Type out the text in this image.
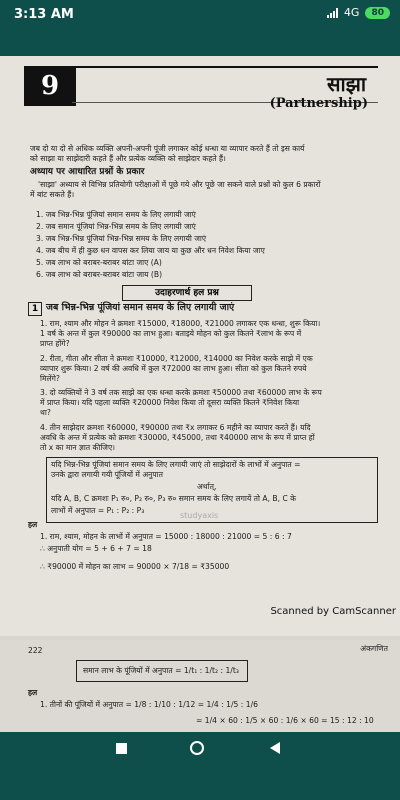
3:13 AM	4G	80
9	साझा
(Partnership)
जब दो या दो से अधिक व्यक्ति अपनी-अपनी पूंजी लगाकर कोई धन्धा या व्यापार करते हैं तो इस कार्य
को साझा या साझेदारी कहते हैं और प्रत्येक व्यक्ति को साझेदार कहते हैं।
अध्याय पर आधारित प्रश्नों के प्रकार
'साझा' अध्याय से विभिन्न प्रतियोगी परीक्षाओं में पूछे गये और पूछे जा सकने वाले प्रश्नों को कुल 6 प्रकारों
में बांट सकते हैं।
1. जब भिन्न-भिन्न पूंजियां समान समय के लिए लगायी जाएं
2. जब समान पूंजियां भिन्न-भिन्न समय के लिए लगायी जाएं
3. जब भिन्न-भिन्न पूंजियां भिन्न-भिन्न समय के लिए लगायी जाएं
4. जब बीच में ही कुछ धन वापस कर लिया जाय या कुछ और धन निवेश किया जाए
5. जब लाभ को बराबर-बराबर बांटा जाए (A)
6. जब लाभ को बराबर-बराबर बांटा जाय (B)
उदाहरणार्थ हल प्रश्न
1 जब भिन्न-भिन्न पूंजियां समान समय के लिए लगायी जाएं
1. राम, श्याम और मोहन ने क्रमशः ₹15000, ₹18000, ₹21000 लगाकर एक धन्धा, शुरू किया।
1 वर्ष के अन्त में कुल ₹90000 का लाभ हुआ। बताइये मोहन को कुल कितने ₹लाभ के रूप में
प्राप्त होंगे?
2. रीता, गीता और सीता ने क्रमशः ₹10000, ₹12000, ₹14000 का निवेश करके साझे में एक
व्यापार शुरू किया। 2 वर्ष की अवधि में कुल ₹72000 का लाभ हुआ। सीता को कुल कितने रुपये
मिलेंगे?
3. दो व्यक्तियों ने 3 वर्ष तक साझे का एक धन्धा करके क्रमशः ₹50000 तथा ₹60000 लाभ के रूप
में प्राप्त किया। यदि पहला व्यक्ति ₹20000 निवेश किया तो दूसरा व्यक्ति कितने ₹निवेश किया
था?
4. तीन साझेदार क्रमशः ₹60000, ₹90000 तथा ₹x लगाकर 6 महीने का व्यापार करते हैं। यदि
अवधि के अन्त में प्रत्येक को क्रमशः ₹30000, ₹45000, तथा ₹40000 लाभ के रूप में प्राप्त हों
तो x का मान ज्ञात कीजिए।
यदि भिन्न-भिन्न पूंजियां समान समय के लिए लगायी जाएं तो साझेदारों के लाभों में अनुपात =
उनके द्वारा लगायी गयी पूंजियों में अनुपात
अर्थात्,
यदि A, B, C क्रमशः P₁ रु०, P₂ रु०, P₃ रु० समान समय के लिए लगायें तो A, B, C के
लाभों में अनुपात = P₁ : P₂ : P₃
हल
1. राम, श्याम, मोहन के लाभों में अनुपात = 15000 : 18000 : 21000 = 5 : 6 : 7
∴ अनुपाती योग = 5 + 6 + 7 = 18
∴ ₹90000 में मोहन का लाभ = 90000 × 7/18 = ₹35000
studyaxis
Scanned by CamScanner
222	अंकगणित
समान लाभ के पूंजियों में अनुपात = 1/t₁ : 1/t₂ : 1/t₃
हल
1. तीनों की पूंजियों में अनुपात = 1/8 : 1/10 : 1/12 = 1/4 : 1/5 : 1/6
= 1/4 × 60 : 1/5 × 60 : 1/6 × 60 = 15 : 12 : 10
